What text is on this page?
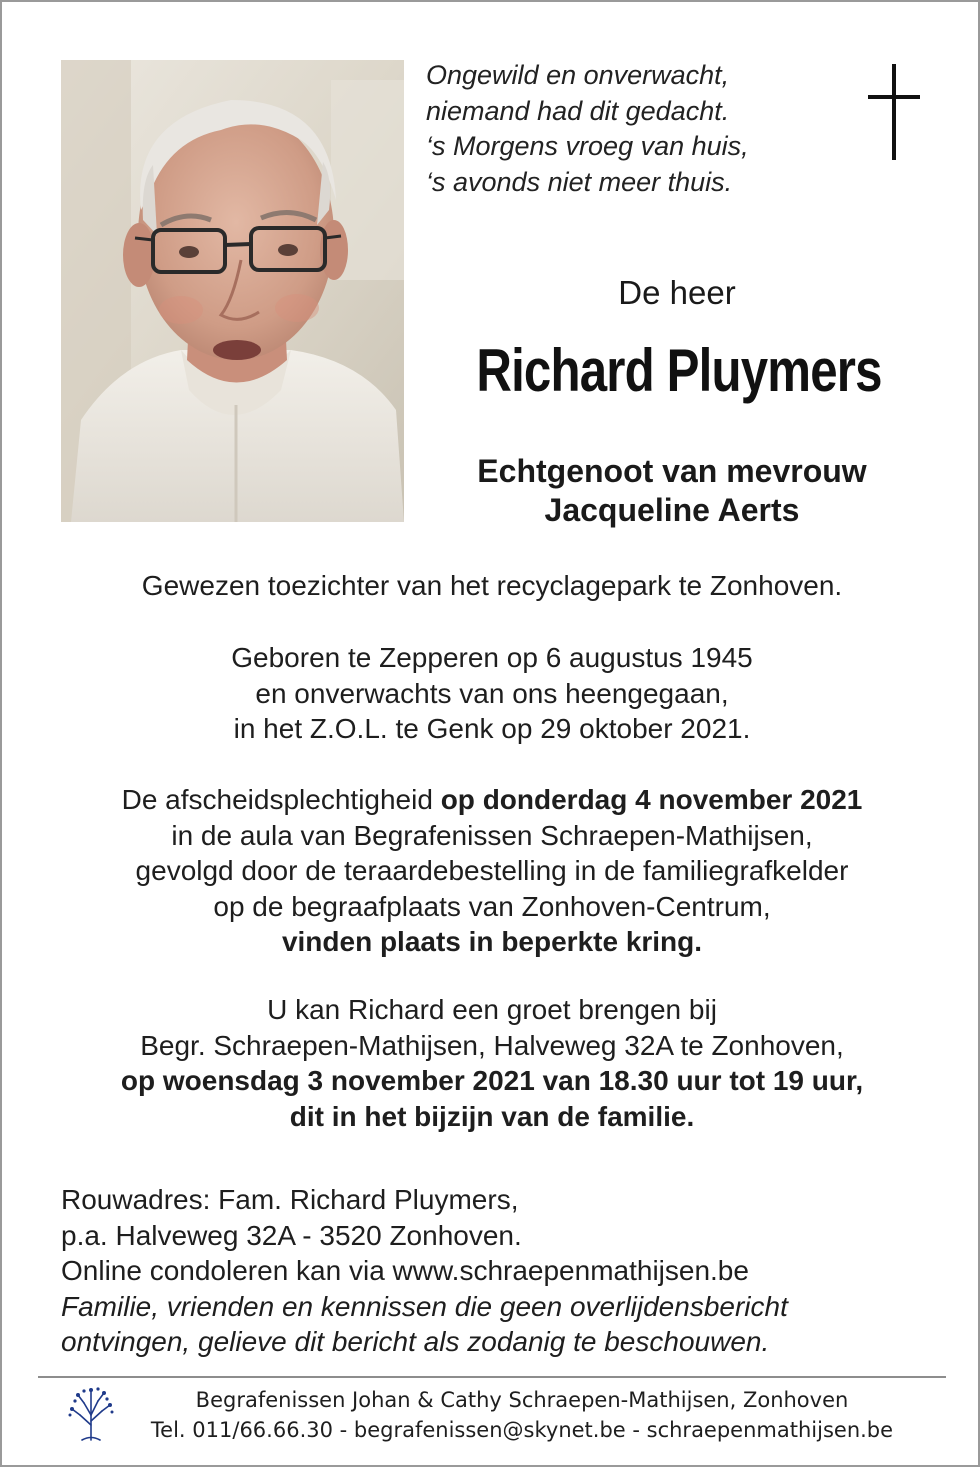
Ongewild en onverwacht,
niemand had dit gedacht.
‘s Morgens vroeg van huis,
‘s avonds niet meer thuis.
De heer
Richard Pluymers
Echtgenoot van mevrouw
Jacqueline Aerts
Gewezen toezichter van het recyclagepark te Zonhoven.
Geboren te Zepperen op 6 augustus 1945
en onverwachts van ons heengegaan,
in het Z.O.L. te Genk op 29 oktober 2021.
De afscheidsplechtigheid op donderdag 4 november 2021
in de aula van Begrafenissen Schraepen-Mathijsen,
gevolgd door de teraardebestelling in de familiegrafkelder
op de begraafplaats van Zonhoven-Centrum,
vinden plaats in beperkte kring.
U kan Richard een groet brengen bij
Begr. Schraepen-Mathijsen, Halveweg 32A te Zonhoven,
op woensdag 3 november 2021 van 18.30 uur tot 19 uur,
dit in het bijzijn van de familie.
Rouwadres: Fam. Richard Pluymers,
p.a. Halveweg 32A - 3520 Zonhoven.
Online condoleren kan via www.schraepenmathijsen.be
Familie, vrienden en kennissen die geen overlijdensbericht
ontvingen, gelieve dit bericht als zodanig te beschouwen.
Begrafenissen Johan & Cathy Schraepen-Mathijsen, Zonhoven
Tel. 011/66.66.30 - begrafenissen@skynet.be - schraepenmathijsen.be
